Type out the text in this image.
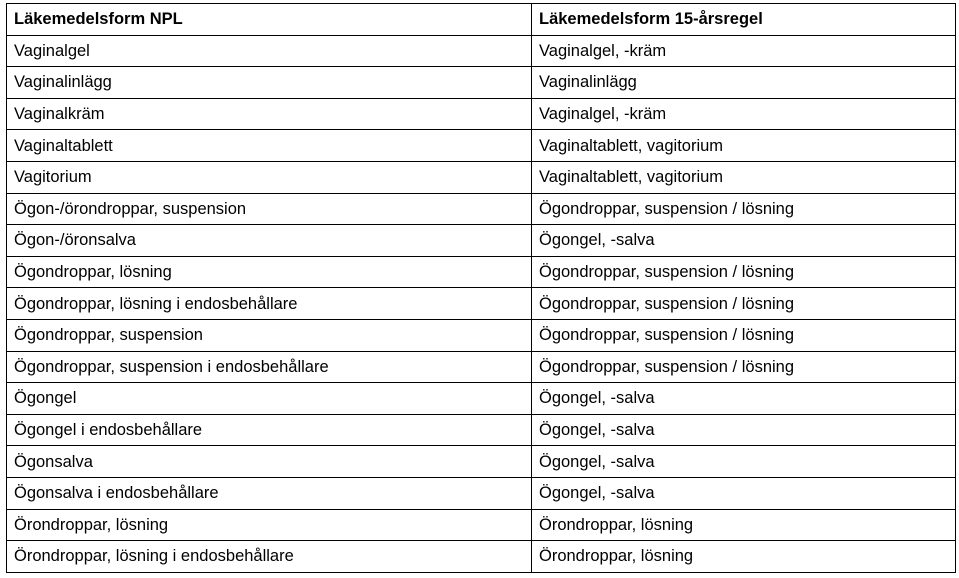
Läkemedelsform NPL	Läkemedelsform 15-årsregel
Vaginalgel	Vaginalgel, -kräm
Vaginalinlägg	Vaginalinlägg
Vaginalkräm	Vaginalgel, -kräm
Vaginaltablett	Vaginaltablett, vagitorium
Vagitorium	Vaginaltablett, vagitorium
Ögon-/örondroppar, suspension	Ögondroppar, suspension / lösning
Ögon-/öronsalva	Ögongel, -salva
Ögondroppar, lösning	Ögondroppar, suspension / lösning
Ögondroppar, lösning i endosbehållare	Ögondroppar, suspension / lösning
Ögondroppar, suspension	Ögondroppar, suspension / lösning
Ögondroppar, suspension i endosbehållare	Ögondroppar, suspension / lösning
Ögongel	Ögongel, -salva
Ögongel i endosbehållare	Ögongel, -salva
Ögonsalva	Ögongel, -salva
Ögonsalva i endosbehållare	Ögongel, -salva
Örondroppar, lösning	Örondroppar, lösning
Örondroppar, lösning i endosbehållare	Örondroppar, lösning
